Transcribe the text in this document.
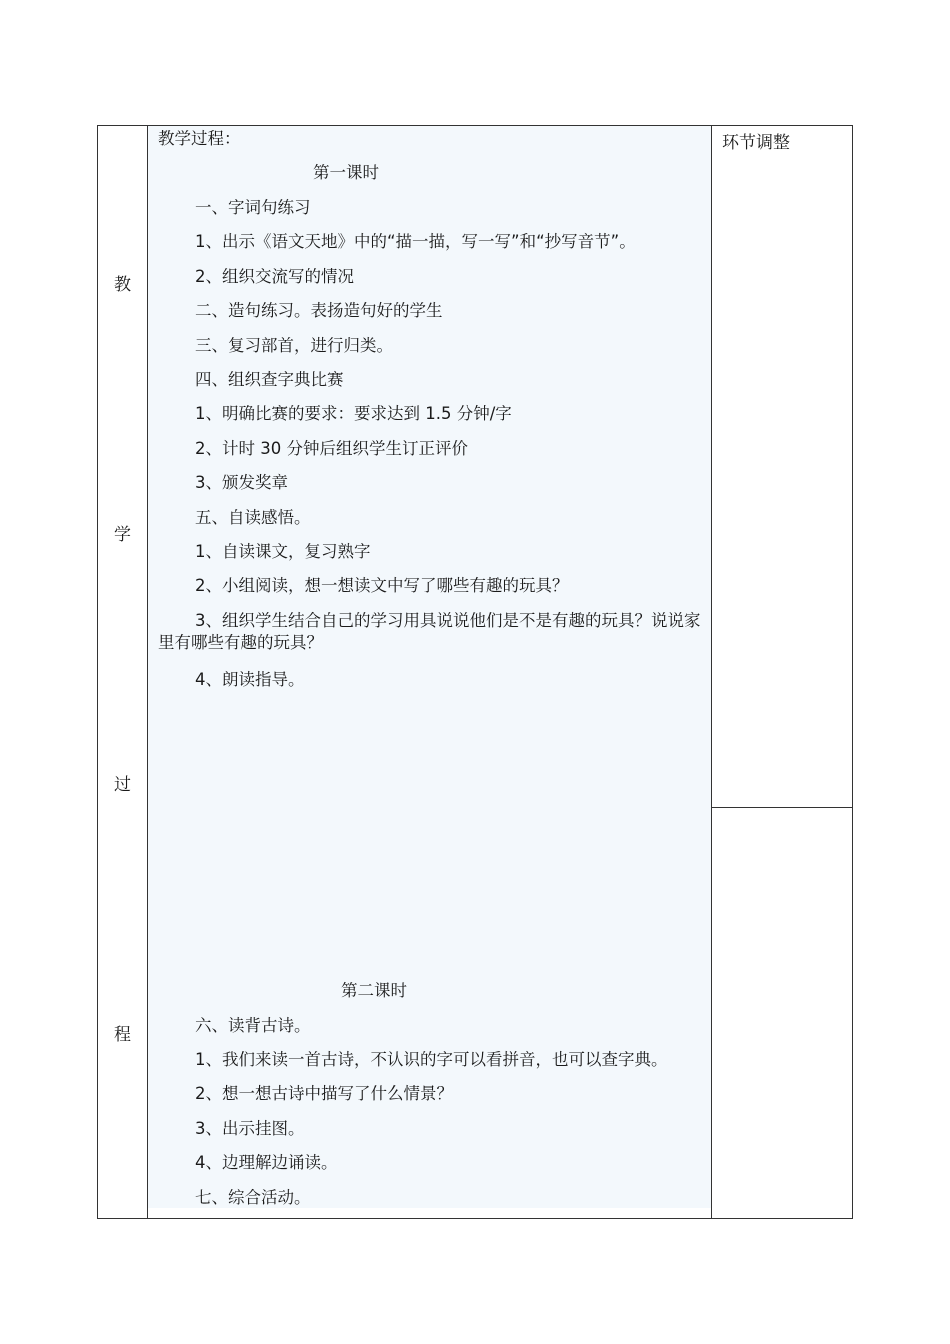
教学过程：
第一课时
一、字词句练习
1、出示《语文天地》中的“描一描，写一写”和“抄写音节”。
2、组织交流写的情况
二、造句练习。表扬造句好的学生
三、复习部首，进行归类。
四、组织查字典比赛
1、明确比赛的要求：要求达到 1.5 分钟/字
2、计时 30 分钟后组织学生订正评价
3、颁发奖章
五、自读感悟。
1、自读课文，复习熟字
2、小组阅读，想一想读文中写了哪些有趣的玩具？
3、组织学生结合自己的学习用具说说他们是不是有趣的玩具？说说家里有哪些有趣的玩具？
4、朗读指导。
第二课时
六、读背古诗。
1、我们来读一首古诗，不认识的字可以看拼音，也可以查字典。
2、想一想古诗中描写了什么情景？
3、出示挂图。
4、边理解边诵读。
七、综合活动。
教
学
过
程
环节调整
